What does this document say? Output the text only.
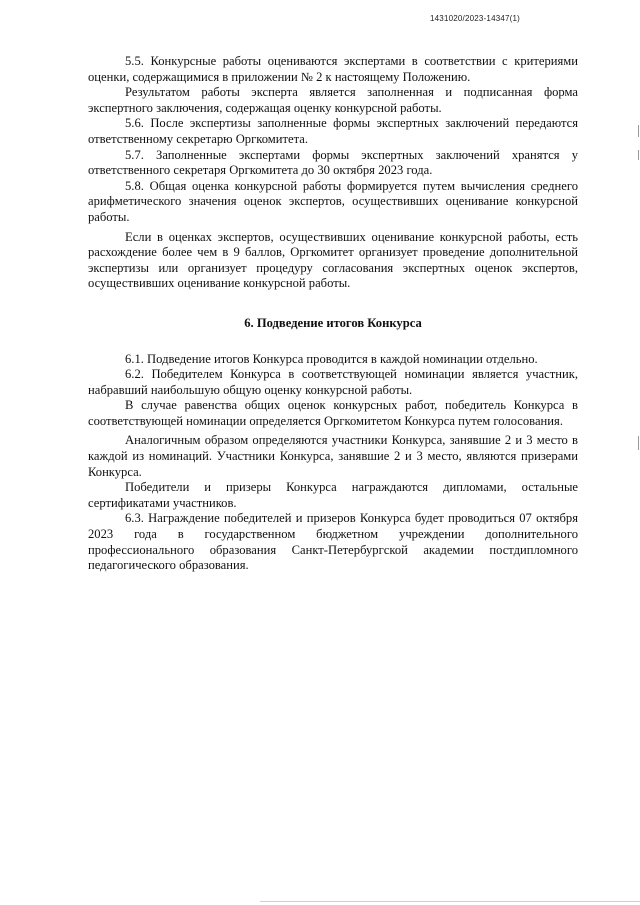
1431020/2023-14347(1)

5.5. Конкурсные работы оцениваются экспертами в соответствии с критериями оценки, содержащимися в приложении № 2 к настоящему Положению.

Результатом работы эксперта является заполненная и подписанная форма экспертного заключения, содержащая оценку конкурсной работы.

5.6. После экспертизы заполненные формы экспертных заключений передаются ответственному секретарю Оргкомитета.

5.7. Заполненные экспертами формы экспертных заключений хранятся у ответственного секретаря Оргкомитета до 30 октября 2023 года.

5.8. Общая оценка конкурсной работы формируется путем вычисления среднего арифметического значения оценок экспертов, осуществивших оценивание конкурсной работы.

Если в оценках экспертов, осуществивших оценивание конкурсной работы, есть расхождение более чем в 9 баллов, Оргкомитет организует проведение дополнительной экспертизы или организует процедуру согласования экспертных оценок экспертов, осуществивших оценивание конкурсной работы.

6. Подведение итогов Конкурса

6.1. Подведение итогов Конкурса проводится в каждой номинации отдельно.

6.2. Победителем Конкурса в соответствующей номинации является участник, набравший наибольшую общую оценку конкурсной работы.

В случае равенства общих оценок конкурсных работ, победитель Конкурса в соответствующей номинации определяется Оргкомитетом Конкурса путем голосования.

Аналогичным образом определяются участники Конкурса, занявшие 2 и 3 место в каждой из номинаций. Участники Конкурса, занявшие 2 и 3 место, являются призерами Конкурса.

Победители и призеры Конкурса награждаются дипломами, остальные сертификатами участников.

6.3. Награждение победителей и призеров Конкурса будет проводиться 07 октября 2023 года в государственном бюджетном учреждении дополнительного профессионального образования Санкт-Петербургской академии постдипломного педагогического образования.
